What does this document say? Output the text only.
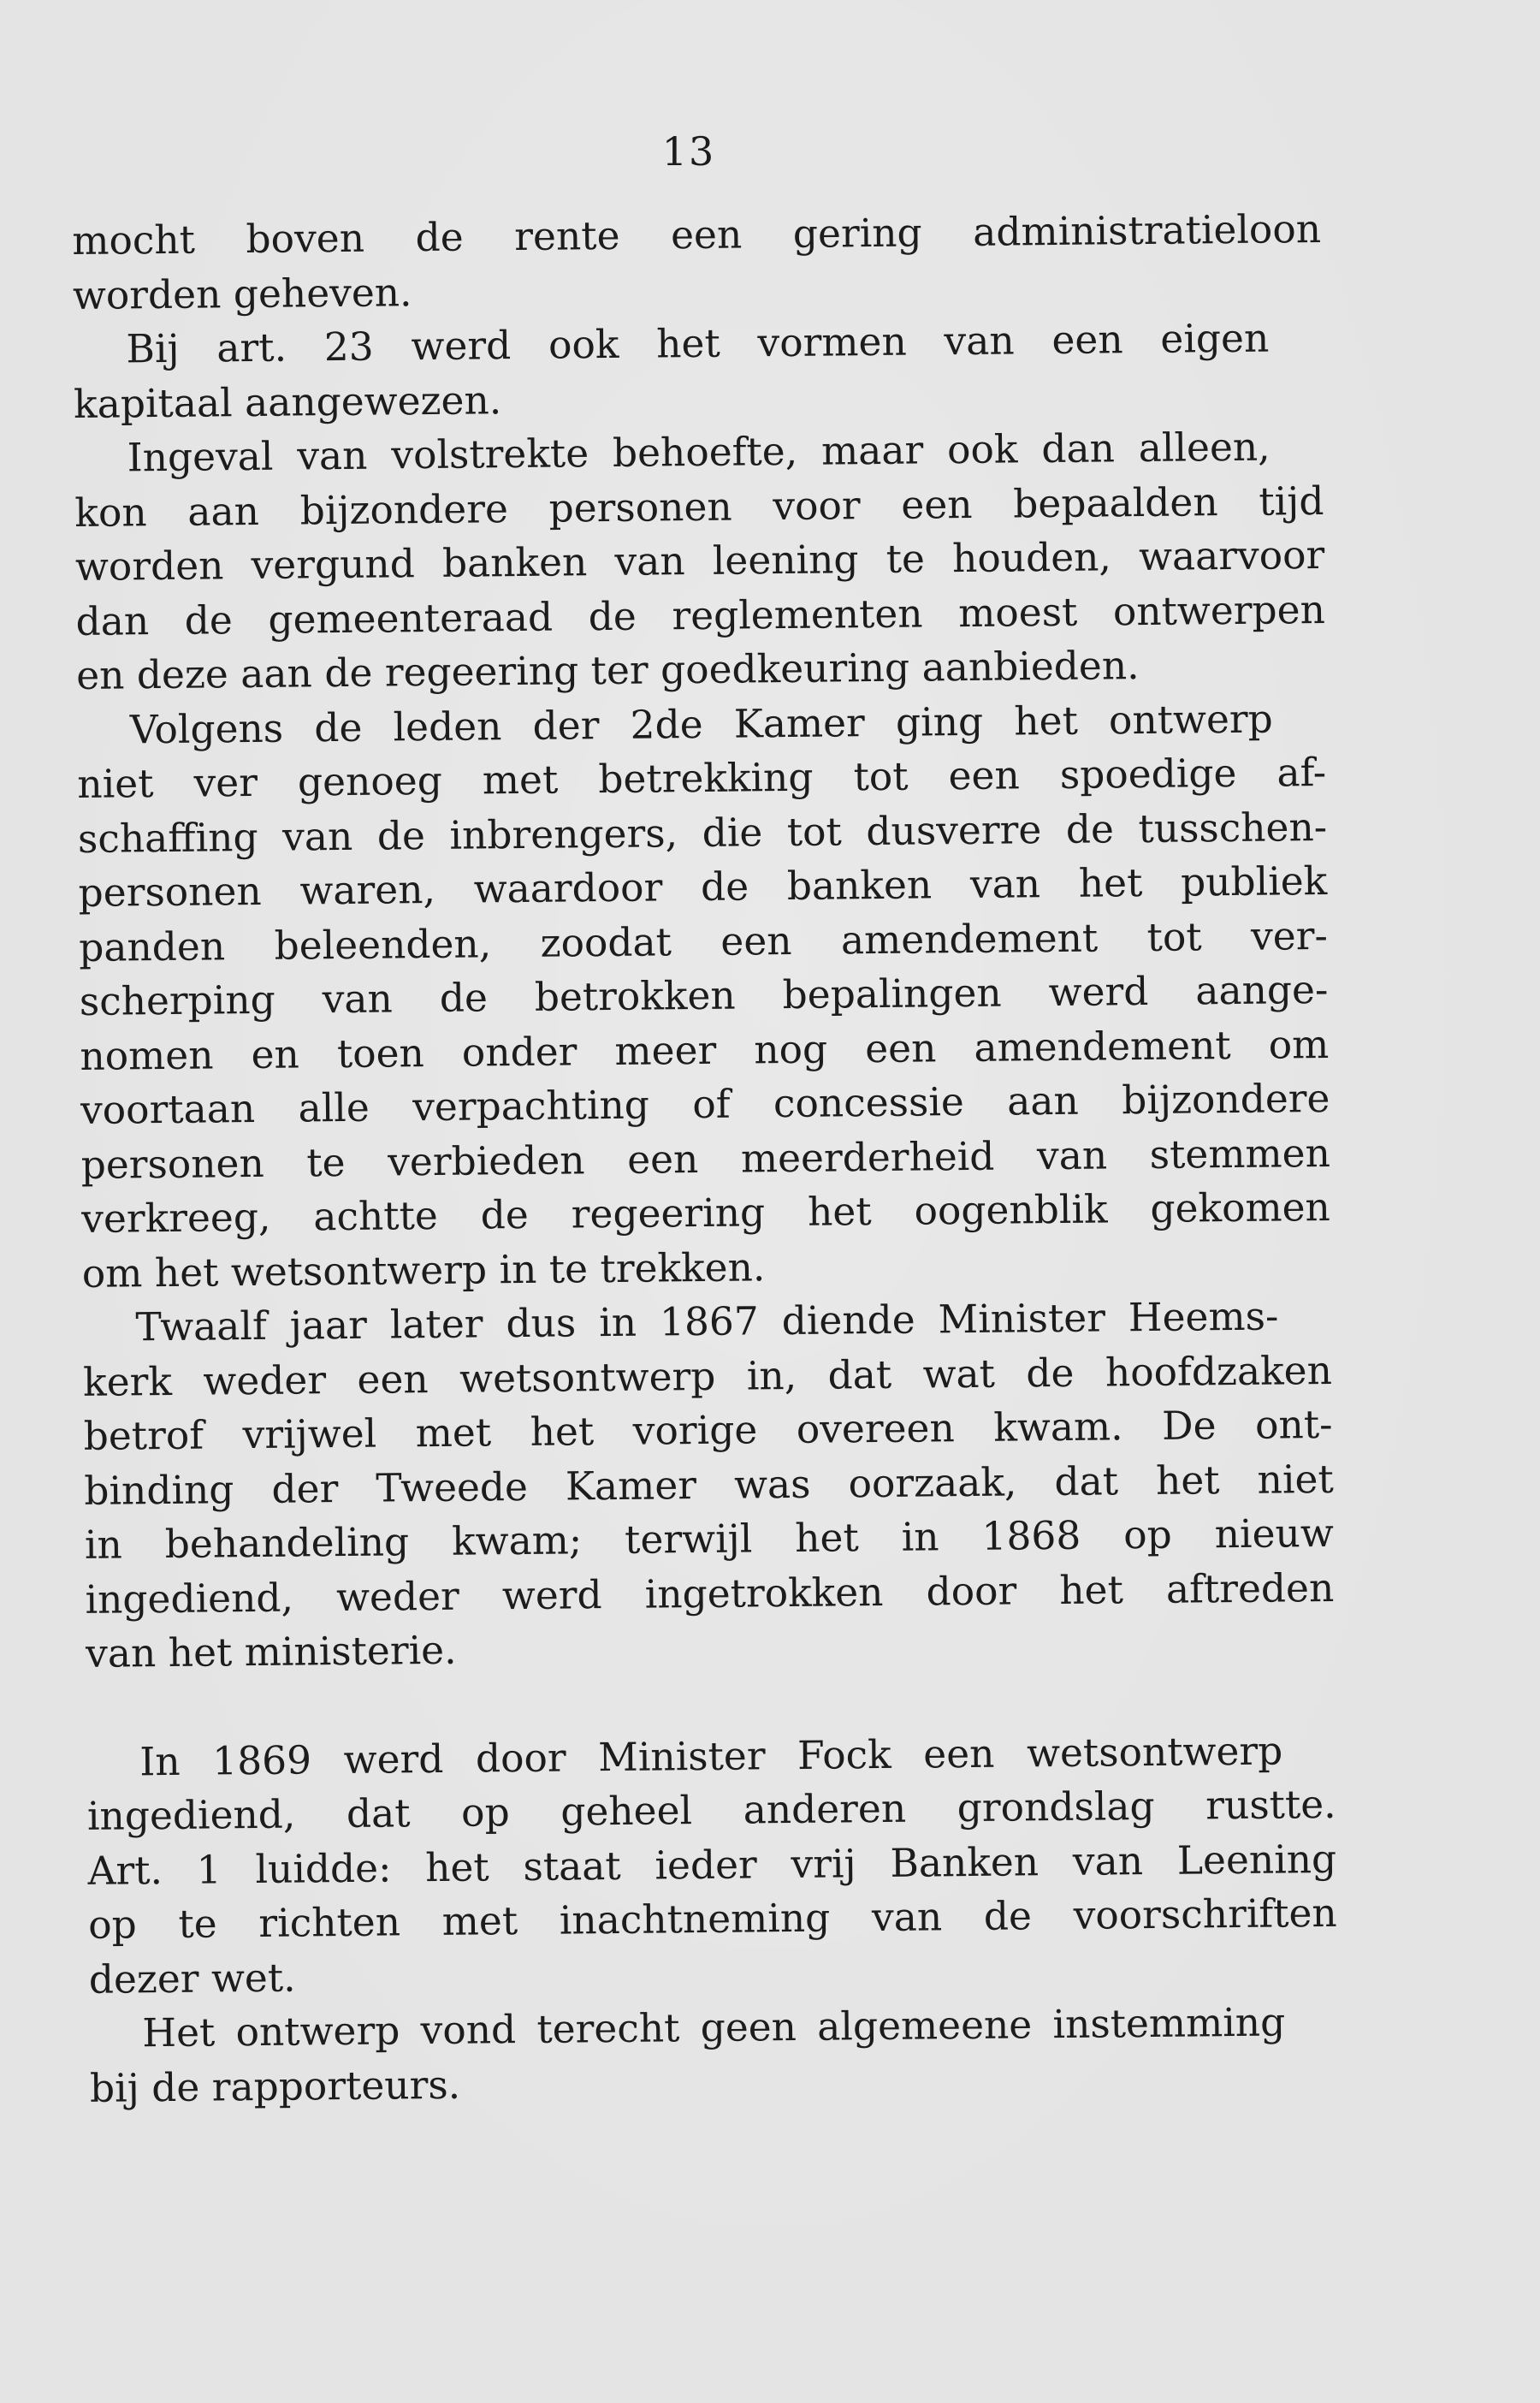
13

mocht boven de rente een gering administratieloon
worden geheven.

Bij art. 23 werd ook het vormen van een eigen
kapitaal aangewezen.

Ingeval van volstrekte behoefte, maar ook dan alleen,
kon aan bijzondere personen voor een bepaalden tijd
worden vergund banken van leening te houden, waarvoor
dan de gemeenteraad de reglementen moest ontwerpen
en deze aan de regeering ter goedkeuring aanbieden.

Volgens de leden der 2de Kamer ging het ontwerp
niet ver genoeg met betrekking tot een spoedige af-
schaffing van de inbrengers, die tot dusverre de tusschen-
personen waren, waardoor de banken van het publiek
panden beleenden, zoodat een amendement tot ver-
scherping van de betrokken bepalingen werd aange-
nomen en toen onder meer nog een amendement om
voortaan alle verpachting of concessie aan bijzondere
personen te verbieden een meerderheid van stemmen
verkreeg, achtte de regeering het oogenblik gekomen
om het wetsontwerp in te trekken.

Twaalf jaar later dus in 1867 diende Minister Heems-
kerk weder een wetsontwerp in, dat wat de hoofdzaken
betrof vrijwel met het vorige overeen kwam. De ont-
binding der Tweede Kamer was oorzaak, dat het niet
in behandeling kwam; terwijl het in 1868 op nieuw
ingediend, weder werd ingetrokken door het aftreden
van het ministerie.

In 1869 werd door Minister Fock een wetsontwerp
ingediend, dat op geheel anderen grondslag rustte.
Art. 1 luidde: het staat ieder vrij Banken van Leening
op te richten met inachtneming van de voorschriften
dezer wet.

Het ontwerp vond terecht geen algemeene instemming
bij de rapporteurs.
